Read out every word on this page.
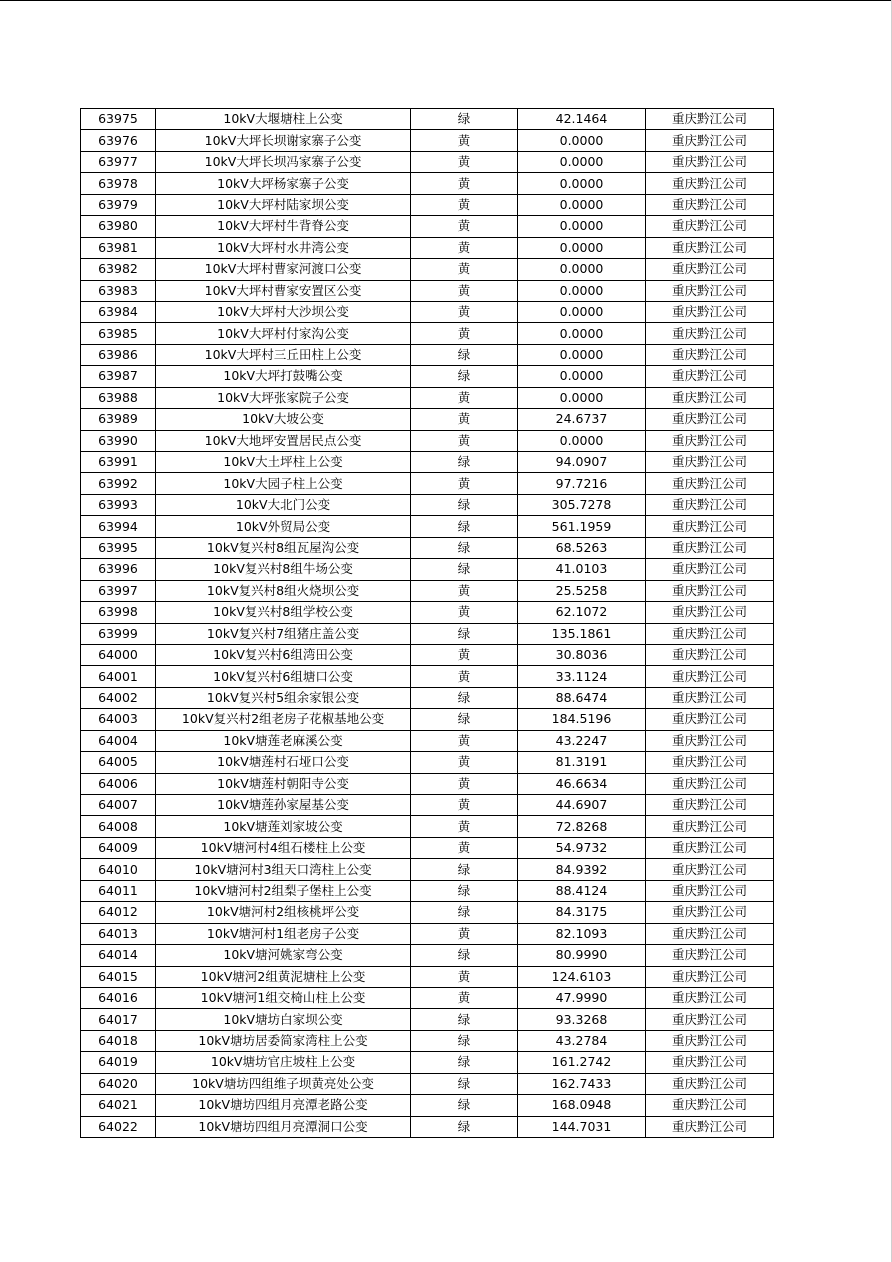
63975	10kV大堰塘柱上公变	绿	42.1464	重庆黔江公司
63976	10kV大坪长坝谢家寨子公变	黄	0.0000	重庆黔江公司
63977	10kV大坪长坝冯家寨子公变	黄	0.0000	重庆黔江公司
63978	10kV大坪杨家寨子公变	黄	0.0000	重庆黔江公司
63979	10kV大坪村陆家坝公变	黄	0.0000	重庆黔江公司
63980	10kV大坪村牛背脊公变	黄	0.0000	重庆黔江公司
63981	10kV大坪村水井湾公变	黄	0.0000	重庆黔江公司
63982	10kV大坪村曹家河渡口公变	黄	0.0000	重庆黔江公司
63983	10kV大坪村曹家安置区公变	黄	0.0000	重庆黔江公司
63984	10kV大坪村大沙坝公变	黄	0.0000	重庆黔江公司
63985	10kV大坪村付家沟公变	黄	0.0000	重庆黔江公司
63986	10kV大坪村三丘田柱上公变	绿	0.0000	重庆黔江公司
63987	10kV大坪打鼓嘴公变	绿	0.0000	重庆黔江公司
63988	10kV大坪张家院子公变	黄	0.0000	重庆黔江公司
63989	10kV大坡公变	黄	24.6737	重庆黔江公司
63990	10kV大地坪安置居民点公变	黄	0.0000	重庆黔江公司
63991	10kV大土坪柱上公变	绿	94.0907	重庆黔江公司
63992	10kV大园子柱上公变	黄	97.7216	重庆黔江公司
63993	10kV大北门公变	绿	305.7278	重庆黔江公司
63994	10kV外贸局公变	绿	561.1959	重庆黔江公司
63995	10kV复兴村8组瓦屋沟公变	绿	68.5263	重庆黔江公司
63996	10kV复兴村8组牛场公变	绿	41.0103	重庆黔江公司
63997	10kV复兴村8组火烧坝公变	黄	25.5258	重庆黔江公司
63998	10kV复兴村8组学校公变	黄	62.1072	重庆黔江公司
63999	10kV复兴村7组猪庄盖公变	绿	135.1861	重庆黔江公司
64000	10kV复兴村6组湾田公变	黄	30.8036	重庆黔江公司
64001	10kV复兴村6组塘口公变	黄	33.1124	重庆黔江公司
64002	10kV复兴村5组余家银公变	绿	88.6474	重庆黔江公司
64003	10kV复兴村2组老房子花椒基地公变	绿	184.5196	重庆黔江公司
64004	10kV塘莲老麻溪公变	黄	43.2247	重庆黔江公司
64005	10kV塘莲村石垭口公变	黄	81.3191	重庆黔江公司
64006	10kV塘莲村朝阳寺公变	黄	46.6634	重庆黔江公司
64007	10kV塘莲孙家屋基公变	黄	44.6907	重庆黔江公司
64008	10kV塘莲刘家坡公变	黄	72.8268	重庆黔江公司
64009	10kV塘河村4组石楼柱上公变	黄	54.9732	重庆黔江公司
64010	10kV塘河村3组天口湾柱上公变	绿	84.9392	重庆黔江公司
64011	10kV塘河村2组梨子堡柱上公变	绿	88.4124	重庆黔江公司
64012	10kV塘河村2组核桃坪公变	绿	84.3175	重庆黔江公司
64013	10kV塘河村1组老房子公变	黄	82.1093	重庆黔江公司
64014	10kV塘河姚家弯公变	绿	80.9990	重庆黔江公司
64015	10kV塘河2组黄泥塘柱上公变	黄	124.6103	重庆黔江公司
64016	10kV塘河1组交椅山柱上公变	黄	47.9990	重庆黔江公司
64017	10kV塘坊白家坝公变	绿	93.3268	重庆黔江公司
64018	10kV塘坊居委简家湾柱上公变	绿	43.2784	重庆黔江公司
64019	10kV塘坊官庄坡柱上公变	绿	161.2742	重庆黔江公司
64020	10kV塘坊四组维子坝黄亮处公变	绿	162.7433	重庆黔江公司
64021	10kV塘坊四组月亮潭老路公变	绿	168.0948	重庆黔江公司
64022	10kV塘坊四组月亮潭洞口公变	绿	144.7031	重庆黔江公司
